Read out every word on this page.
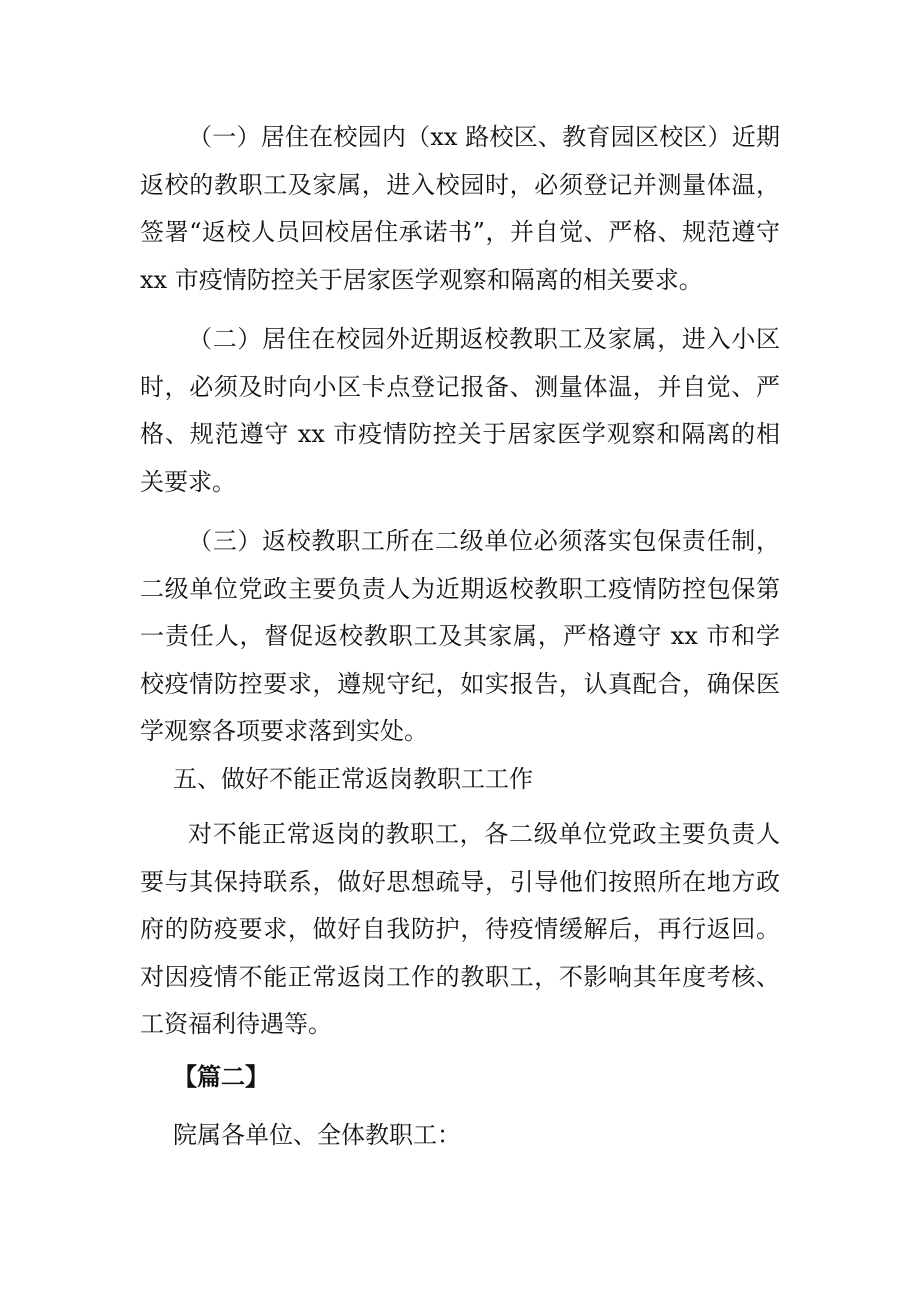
（一）居住在校园内（xx 路校区、教育园区校区）近期返校的教职工及家属，进入校园时，必须登记并测量体温，签署“返校人员回校居住承诺书”，并自觉、严格、规范遵守 xx 市疫情防控关于居家医学观察和隔离的相关要求。

（二）居住在校园外近期返校教职工及家属，进入小区时，必须及时向小区卡点登记报备、测量体温，并自觉、严格、规范遵守 xx 市疫情防控关于居家医学观察和隔离的相关要求。

（三）返校教职工所在二级单位必须落实包保责任制，二级单位党政主要负责人为近期返校教职工疫情防控包保第一责任人，督促返校教职工及其家属，严格遵守 xx 市和学校疫情防控要求，遵规守纪，如实报告，认真配合，确保医学观察各项要求落到实处。

五、做好不能正常返岗教职工工作

对不能正常返岗的教职工，各二级单位党政主要负责人要与其保持联系，做好思想疏导，引导他们按照所在地方政府的防疫要求，做好自我防护，待疫情缓解后，再行返回。对因疫情不能正常返岗工作的教职工，不影响其年度考核、工资福利待遇等。

【篇二】

院属各单位、全体教职工：
